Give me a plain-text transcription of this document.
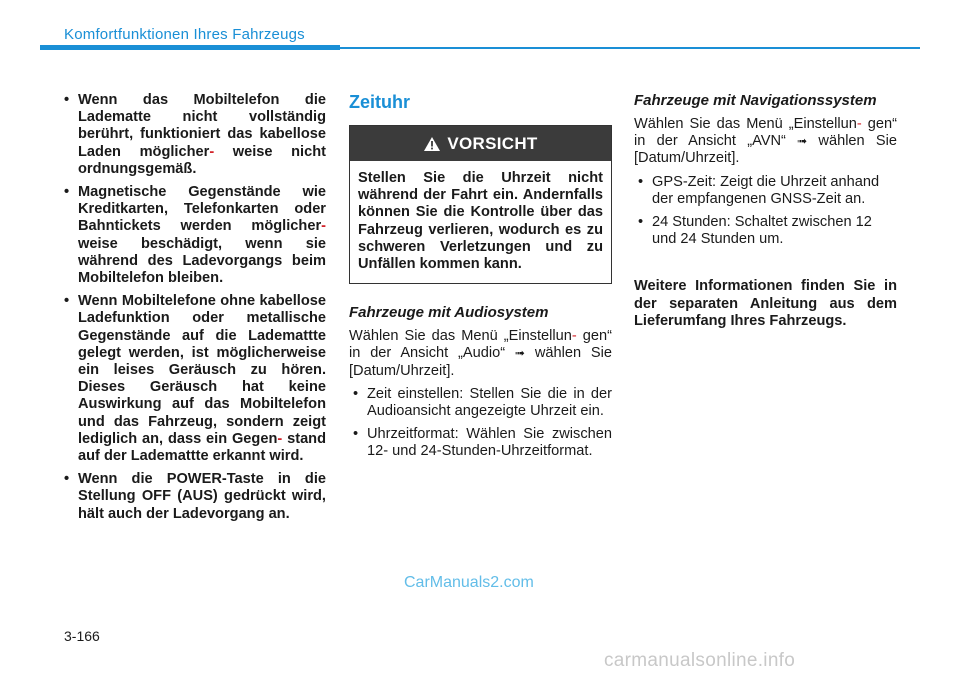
Komfortfunktionen Ihres Fahrzeugs
• Wenn das Mobiltelefon die Ladematte nicht vollständig berührt, funktioniert das kabellose Laden möglicher- weise nicht ordnungsgemäß.
• Magnetische Gegenstände wie Kreditkarten, Telefonkarten oder Bahntickets werden möglicher- weise beschädigt, wenn sie während des Ladevorgangs beim Mobiltelefon bleiben.
• Wenn Mobiltelefone ohne kabellose Ladefunktion oder metallische Gegenstände auf die Lademattte gelegt werden, ist möglicherweise ein leises Geräusch zu hören. Dieses Geräusch hat keine Auswirkung auf das Mobiltelefon und das Fahrzeug, sondern zeigt lediglich an, dass ein Gegen- stand auf der Lademattte erkannt wird.
• Wenn die POWER-Taste in die Stellung OFF (AUS) gedrückt wird, hält auch der Ladevorgang an.
Zeituhr
VORSICHT
Stellen Sie die Uhrzeit nicht während der Fahrt ein. Andernfalls können Sie die Kontrolle über das Fahrzeug verlieren, wodurch es zu schweren Verletzungen und zu Unfällen kommen kann.
Fahrzeuge mit Audiosystem
Wählen Sie das Menü „Einstellun- gen“ in der Ansicht „Audio“ ➟ wählen Sie [Datum/Uhrzeit].
• Zeit einstellen: Stellen Sie die in der Audioansicht angezeigte Uhrzeit ein.
• Uhrzeitformat: Wählen Sie zwischen 12- und 24-Stunden-Uhrzeitformat.
Fahrzeuge mit Navigationssystem
Wählen Sie das Menü „Einstellun- gen“ in der Ansicht „AVN“ ➟ wählen Sie [Datum/Uhrzeit].
• GPS-Zeit: Zeigt die Uhrzeit anhand der empfangenen GNSS-Zeit an.
• 24 Stunden: Schaltet zwischen 12 und 24 Stunden um.
Weitere Informationen finden Sie in der separaten Anleitung aus dem Lieferumfang Ihres Fahrzeugs.
CarManuals2.com
3-166
carmanualsonline.info
